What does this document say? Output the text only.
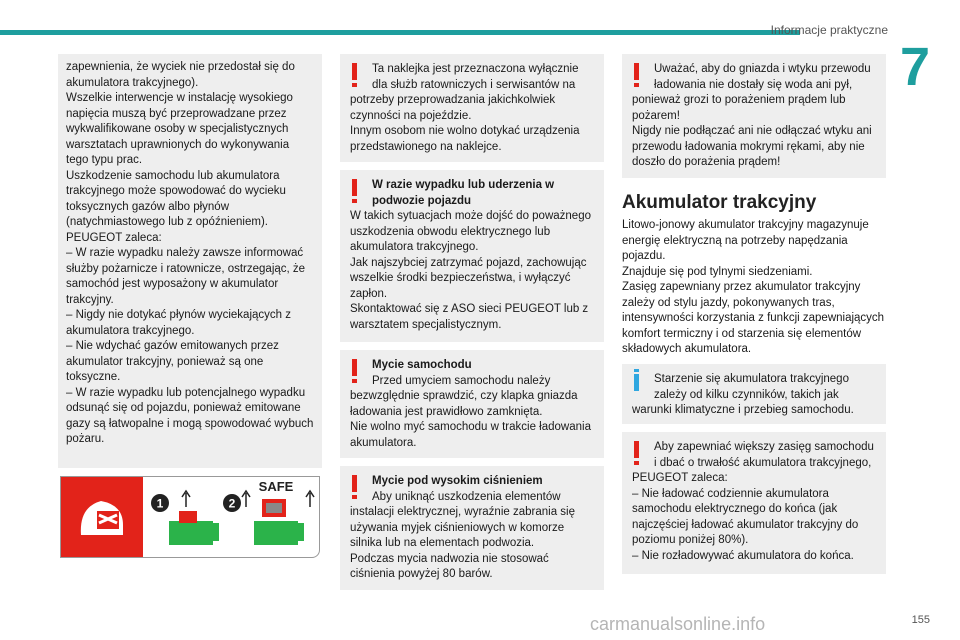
Informacje praktyczne
7

zapewnienia, że wyciek nie przedostał się do akumulatora trakcyjnego).
Wszelkie interwencje w instalację wysokiego napięcia muszą być przeprowadzane przez wykwalifikowane osoby w specjalistycznych warsztatach uprawnionych do wykonywania tego typu prac.
Uszkodzenie samochodu lub akumulatora trakcyjnego może spowodować do wycieku toksycznych gazów albo płynów (natychmiastowego lub z opóźnieniem).
PEUGEOT zaleca:
– W razie wypadku należy zawsze informować służby pożarnicze i ratownicze, ostrzegając, że samochód jest wyposażony w akumulator trakcyjny.
– Nigdy nie dotykać płynów wyciekających z akumulatora trakcyjnego.
– Nie wdychać gazów emitowanych przez akumulator trakcyjny, ponieważ są one toksyczne.
– W razie wypadku lub potencjalnego wypadku odsunąć się od pojazdu, ponieważ emitowane gazy są łatwopalne i mogą spowodować wybuch pożaru.

1	2
SAFE

Ta naklejka jest przeznaczona wyłącznie dla służb ratowniczych i serwisantów na

potrzeby przeprowadzania jakichkolwiek czynności na pojeździe.
Innym osobom nie wolno dotykać urządzenia przedstawionego na naklejce.

W razie wypadku lub uderzenia w podwozie pojazdu

W takich sytuacjach może dojść do poważnego uszkodzenia obwodu elektrycznego lub akumulatora trakcyjnego.
Jak najszybciej zatrzymać pojazd, zachowując wszelkie środki bezpieczeństwa, i wyłączyć zapłon.
Skontaktować się z ASO sieci PEUGEOT lub z warsztatem specjalistycznym.

Mycie samochodu

Przed umyciem samochodu należy

bezwzględnie sprawdzić, czy klapka gniazda ładowania jest prawidłowo zamknięta.
Nie wolno myć samochodu w trakcie ładowania akumulatora.

Mycie pod wysokim ciśnieniem

Aby uniknąć uszkodzenia elementów

instalacji elektrycznej, wyraźnie zabrania się używania myjek ciśnieniowych w komorze silnika lub na elementach podwozia.
Podczas mycia nadwozia nie stosować ciśnienia powyżej 80 barów.

Uważać, aby do gniazda i wtyku przewodu ładowania nie dostały się woda ani pył,

ponieważ grozi to porażeniem prądem lub pożarem!
Nigdy nie podłączać ani nie odłączać wtyku ani przewodu ładowania mokrymi rękami, aby nie doszło do porażenia prądem!

Akumulator trakcyjny
Litowo-jonowy akumulator trakcyjny magazynuje energię elektryczną na potrzeby napędzania pojazdu.
Znajduje się pod tylnymi siedzeniami.
Zasięg zapewniany przez akumulator trakcyjny zależy od stylu jazdy, pokonywanych tras, intensywności korzystania z funkcji zapewniających komfort termiczny i od starzenia się elementów składowych akumulatora.

Starzenie się akumulatora trakcyjnego zależy od kilku czynników, takich jak

warunki klimatyczne i przebieg samochodu.

Aby zapewniać większy zasięg samochodu i dbać o trwałość akumulatora trakcyjnego,

PEUGEOT zaleca:
– Nie ładować codziennie akumulatora samochodu elektrycznego do końca (jak najczęściej ładować akumulator trakcyjny do poziomu poniżej 80%).
– Nie rozładowywać akumulatora do końca.

carmanualsonline.info	155
